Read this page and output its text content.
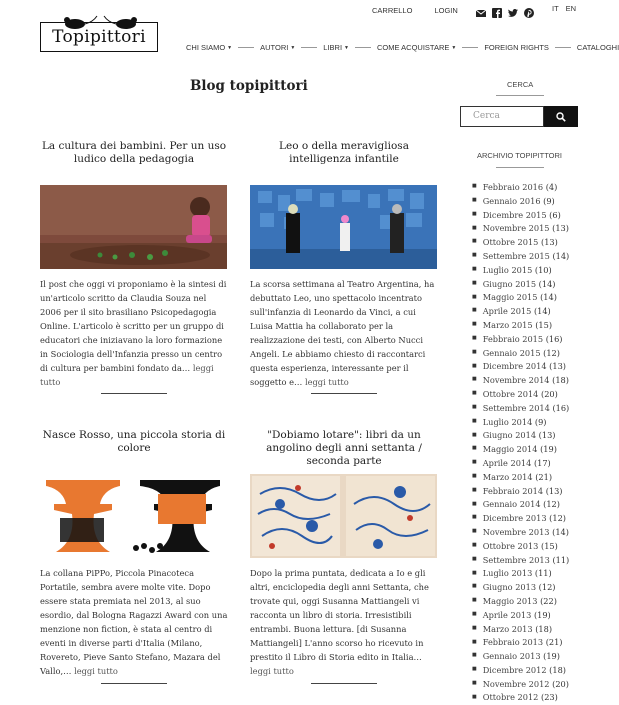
Topipittori
CARRELLO	LOGIN	IT EN
CHI SIAMO ▼	AUTORI ▼	LIBRI ▼	COME ACQUISTARE ▼	FOREIGN RIGHTS	CATALOGHI
Blog topipittori
La cultura dei bambini. Per un uso ludico della pedagogia
Il post che oggi vi proponiamo è la sintesi di un'articolo scritto da Claudia Souza nel 2006 per il sito brasiliano Psicopedagogia Online. L'articolo è scritto per un gruppo di educatori che iniziavano la loro formazione in Sociologia dell'Infanzia presso un centro di cultura per bambini fondato da… leggi tutto
Leo o della meravigliosa intelligenza infantile
La scorsa settimana al Teatro Argentina, ha debuttato Leo, uno spettacolo incentrato sull'infanzia di Leonardo da Vinci, a cui Luisa Mattia ha collaborato per la realizzazione dei testi, con Alberto Nucci Angeli. Le abbiamo chiesto di raccontarci questa esperienza, interessante per il soggetto e… leggi tutto
Nasce Rosso, una piccola storia di colore
La collana PiPPo, Piccola Pinacoteca Portatile, sembra avere molte vite. Dopo essere stata premiata nel 2013, al suo esordio, dal Bologna Ragazzi Award con una menzione non fiction, è stata al centro di eventi in diverse parti d'Italia (Milano, Rovereto, Pieve Santo Stefano, Mazara del Vallo,… leggi tutto
"Dobiamo lotare": libri da un angolino degli anni settanta / seconda parte
Dopo la prima puntata, dedicata a Io e gli altri, enciclopedia degli anni Settanta, che trovate qui, oggi Susanna Mattiangeli vi racconta un libro di storia. Irresistibili entrambi. Buona lettura. [di Susanna Mattiangeli] L'anno scorso ho ricevuto in prestito il Libro di Storia edito in Italia… leggi tutto
CERCA
Cerca
ARCHIVIO TOPIPITTORI
■ Febbraio 2016 (4)
■ Gennaio 2016 (9)
■ Dicembre 2015 (6)
■ Novembre 2015 (13)
■ Ottobre 2015 (13)
■ Settembre 2015 (14)
■ Luglio 2015 (10)
■ Giugno 2015 (14)
■ Maggio 2015 (14)
■ Aprile 2015 (14)
■ Marzo 2015 (15)
■ Febbraio 2015 (16)
■ Gennaio 2015 (12)
■ Dicembre 2014 (13)
■ Novembre 2014 (18)
■ Ottobre 2014 (20)
■ Settembre 2014 (16)
■ Luglio 2014 (9)
■ Giugno 2014 (13)
■ Maggio 2014 (19)
■ Aprile 2014 (17)
■ Marzo 2014 (21)
■ Febbraio 2014 (13)
■ Gennaio 2014 (12)
■ Dicembre 2013 (12)
■ Novembre 2013 (14)
■ Ottobre 2013 (15)
■ Settembre 2013 (11)
■ Luglio 2013 (11)
■ Giugno 2013 (12)
■ Maggio 2013 (22)
■ Aprile 2013 (19)
■ Marzo 2013 (18)
■ Febbraio 2013 (21)
■ Gennaio 2013 (19)
■ Dicembre 2012 (18)
■ Novembre 2012 (20)
■ Ottobre 2012 (23)
